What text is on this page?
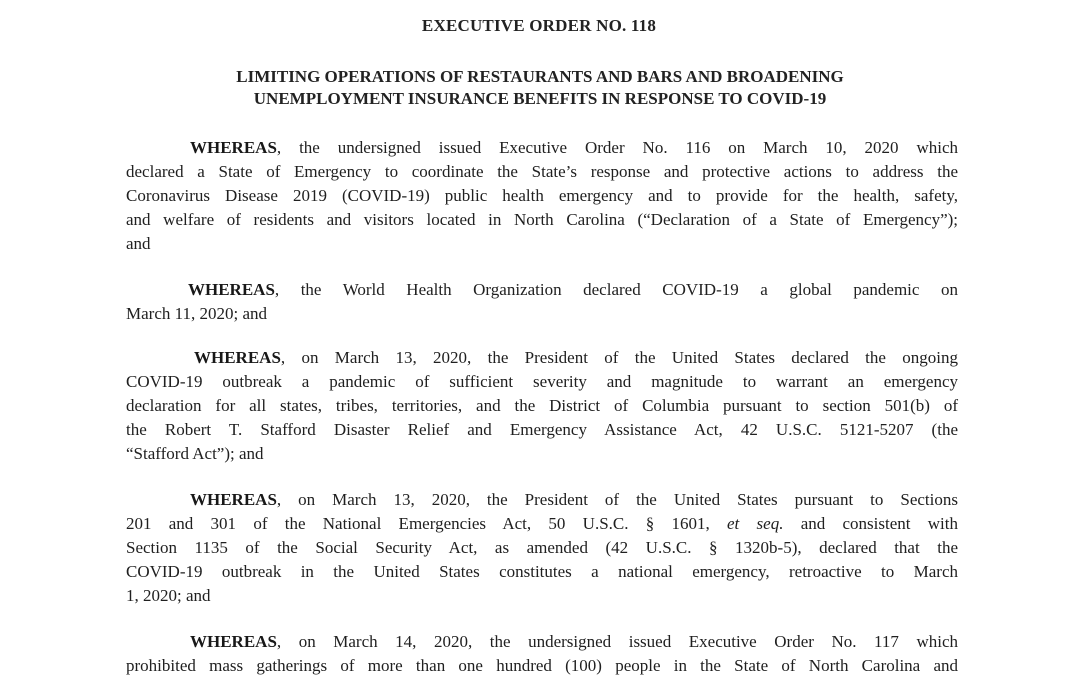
EXECUTIVE ORDER NO. 118
LIMITING OPERATIONS OF RESTAURANTS AND BARS AND BROADENING
UNEMPLOYMENT INSURANCE BENEFITS IN RESPONSE TO COVID-19
WHEREAS, the undersigned issued Executive Order No. 116 on March 10, 2020 which
declared a State of Emergency to coordinate the State’s response and protective actions to address the
Coronavirus Disease 2019 (COVID-19) public health emergency and to provide for the health, safety,
and welfare of residents and visitors located in North Carolina (“Declaration of a State of Emergency”);
and
WHEREAS, the World Health Organization declared COVID-19 a global pandemic on
March 11, 2020; and
WHEREAS, on March 13, 2020, the President of the United States declared the ongoing
COVID-19 outbreak a pandemic of sufficient severity and magnitude to warrant an emergency
declaration for all states, tribes, territories, and the District of Columbia pursuant to section 501(b) of
the Robert T. Stafford Disaster Relief and Emergency Assistance Act, 42 U.S.C. 5121-5207 (the
“Stafford Act”); and
WHEREAS, on March 13, 2020, the President of the United States pursuant to Sections
201 and 301 of the National Emergencies Act, 50 U.S.C. § 1601, et seq. and consistent with
Section 1135 of the Social Security Act, as amended (42 U.S.C. § 1320b-5), declared that the
COVID-19 outbreak in the United States constitutes a national emergency, retroactive to March
1, 2020; and
WHEREAS, on March 14, 2020, the undersigned issued Executive Order No. 117 which
prohibited mass gatherings of more than one hundred (100) people in the State of North Carolina and
